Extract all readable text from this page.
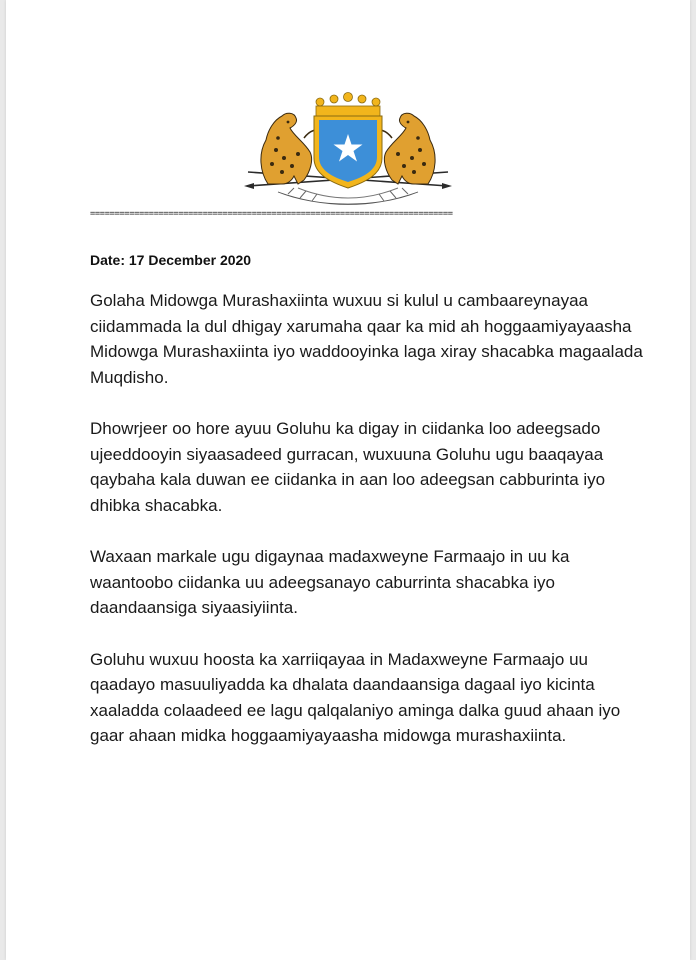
==========================================================================
Date: 17 December 2020

Golaha Midowga Murashaxiinta wuxuu si kulul u cambaareynayaa ciidammada la dul dhigay xarumaha qaar ka mid ah hoggaamiyayaasha Midowga Murashaxiinta iyo waddooyinka laga xiray shacabka magaalada Muqdisho.

Dhowrjeer oo hore ayuu Goluhu ka digay in ciidanka loo adeegsado ujeeddooyin siyaasadeed gurracan, wuxuuna Goluhu ugu baaqayaa qaybaha kala duwan ee ciidanka in aan loo adeegsan cabburinta iyo dhibka shacabka.

Waxaan markale ugu digaynaa madaxweyne Farmaajo in uu ka waantoobo ciidanka uu adeegsanayo caburrinta shacabka iyo daandaansiga siyaasiyiinta.

Goluhu wuxuu hoosta ka xarriiqayaa in Madaxweyne Farmaajo uu qaadayo masuuliyadda ka dhalata daandaansiga dagaal iyo kicinta xaaladda colaadeed ee lagu qalqalaniyo aminga dalka guud ahaan iyo gaar ahaan midka hoggaamiyayaasha midowga murashaxiinta.
